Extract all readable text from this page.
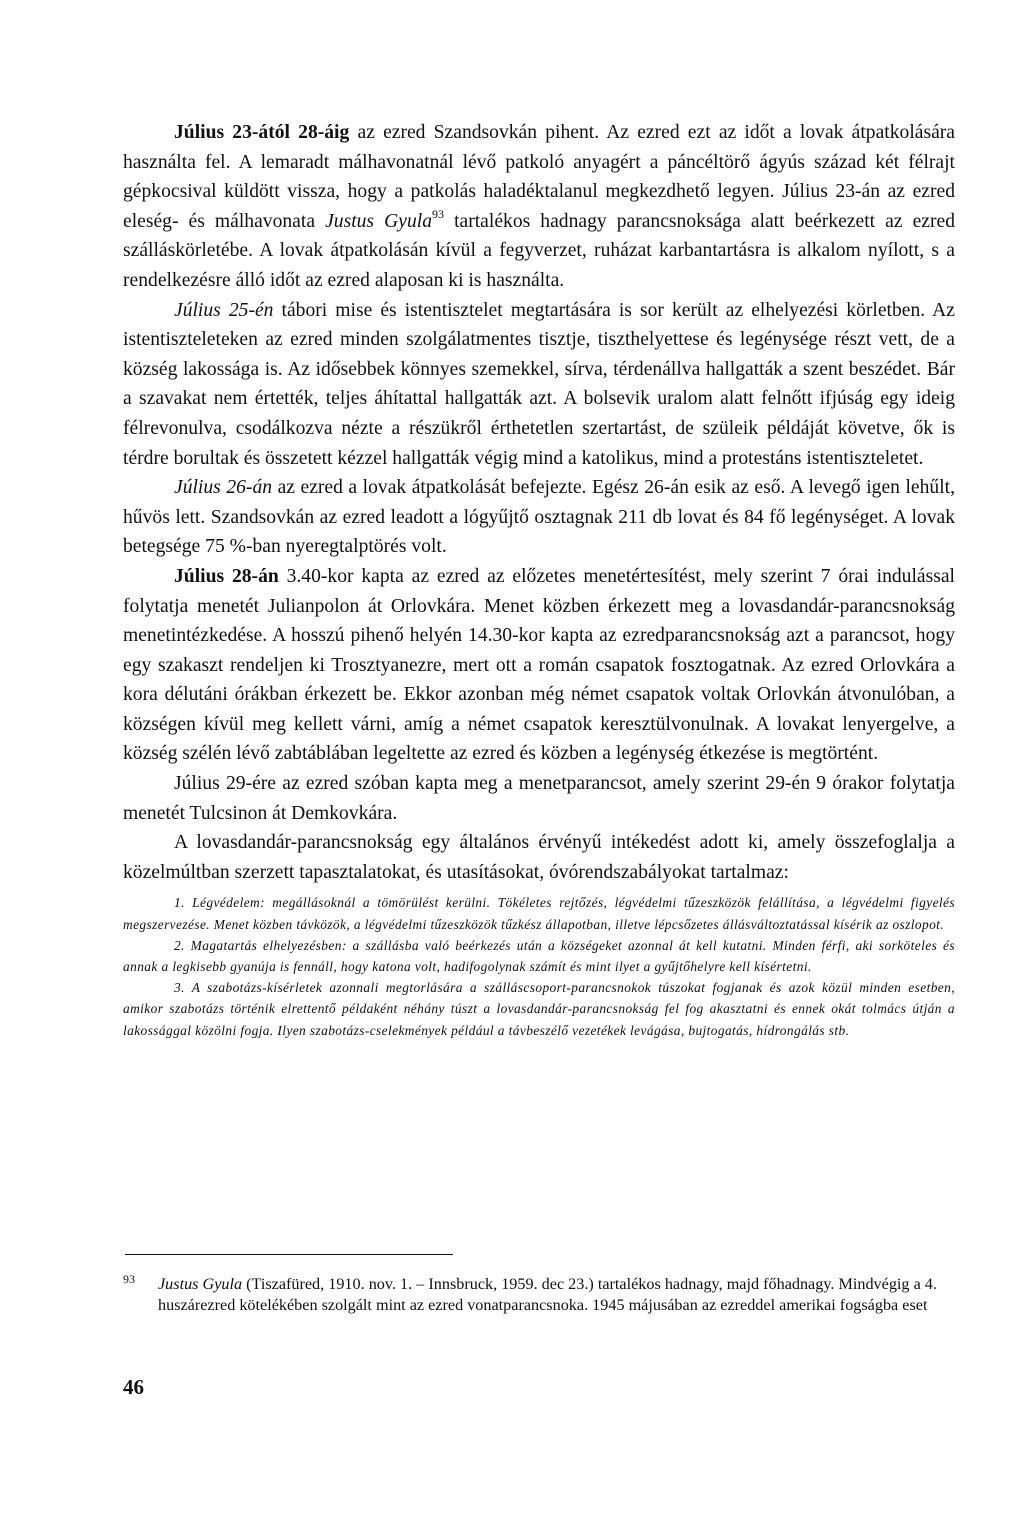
Július 23-ától 28-áig az ezred Szandsovkán pihent. Az ezred ezt az időt a lovak átpatkolására használta fel. A lemaradt málhavonatnál lévő patkoló anyagért a páncéltörő ágyús század két félrajt gépkocsival küldött vissza, hogy a patkolás haladéktalanul megkezdhető legyen. Július 23-án az ezred eleség- és málhavonata Justus Gyula$^{93}$ tartalékos hadnagy parancsnoksága alatt beérkezett az ezred szálláskörletébe. A lovak átpatkolásán kívül a fegyverzet, ruházat karbantartásra is alkalom nyílott, s a rendelkezésre álló időt az ezred alaposan ki is használta.

Július 25-én tábori mise és istentisztelet megtartására is sor került az elhelyezési körletben. Az istentiszteleteken az ezred minden szolgálatmentes tisztje, tiszthelyettese és legénysége részt vett, de a község lakossága is. Az idősebbek könnyes szemekkel, sírva, térdenállva hallgatták a szent beszédet. Bár a szavakat nem értették, teljes áhítattal hallgatták azt. A bolsevik uralom alatt felnőtt ifjúság egy ideig félrevonulva, csodálkozva nézte a részükről érthetetlen szertartást, de szüleik példáját követve, ők is térdre borultak és összetett kézzel hallgatták végig mind a katolikus, mind a protestáns istentiszteletet.

Július 26-án az ezred a lovak átpatkolását befejezte. Egész 26-án esik az eső. A levegő igen lehűlt, hűvös lett. Szandsovkán az ezred leadott a lógyűjtő osztagnak 211 db lovat és 84 fő legénységet. A lovak betegsége 75 %-ban nyeregtalptörés volt.

Július 28-án 3.40-kor kapta az ezred az előzetes menetértesítést, mely szerint 7 órai indulással folytatja menetét Julianpolon át Orlovkára. Menet közben érkezett meg a lovasdandár-parancsnokság menetintézkedése. A hosszú pihenő helyén 14.30-kor kapta az ezredparancsnokság azt a parancsot, hogy egy szakaszt rendeljen ki Trosztyanezre, mert ott a román csapatok fosztogatnak. Az ezred Orlovkára a kora délutáni órákban érkezett be. Ekkor azonban még német csapatok voltak Orlovkán átvonulóban, a községen kívül meg kellett várni, amíg a német csapatok keresztülvonulnak. A lovakat lenyergelve, a község szélén lévő zabtáblában legeltette az ezred és közben a legénység étkezése is megtörtént.

Július 29-ére az ezred szóban kapta meg a menetparancsot, amely szerint 29-én 9 órakor folytatja menetét Tulcsinon át Demkovkára.

A lovasdandár-parancsnokság egy általános érvényű intékedést adott ki, amely összefoglalja a közelmúltban szerzett tapasztalatokat, és utasításokat, óvórendszabályokat tartalmaz:

1. Légvédelem: megállásoknál a tömörülést kerülni. Tökéletes rejtőzés, légvédelmi tűzeszközök felállítása, a légvédelmi figyelés megszervezése. Menet közben távközök, a légvédelmi tűzeszközök tűzkész állapotban, illetve lépcsőzetes állásváltoztatással kísérik az oszlopot.

2. Magatartás elhelyezésben: a szállásba való beérkezés után a községeket azonnal át kell kutatni. Minden férfi, aki sorköteles és annak a legkisebb gyanúja is fennáll, hogy katona volt, hadifogolynak számít és mint ilyet a gyűjtőhelyre kell kísértetni.

3. A szabotázs-kísérletek azonnali megtorlására a szálláscsoport-parancsnokok túszokat fogjanak és azok közül minden esetben, amikor szabotázs történik elrettentő példaként néhány túszt a lovasdandár-parancsnokság fel fog akasztatni és ennek okát tolmács útján a lakossággal közölni fogja. Ilyen szabotázs-cselekmények például a távbeszélő vezetékek levágása, bujtogatás, hídrongálás stb.

93 Justus Gyula (Tiszafüred, 1910. nov. 1. – Innsbruck, 1959. dec 23.) tartalékos hadnagy, majd főhadnagy. Mindvégig a 4. huszárezred kötelékében szolgált mint az ezred vonatparancsnoka. 1945 májusában az ezreddel amerikai fogságba eset
46
